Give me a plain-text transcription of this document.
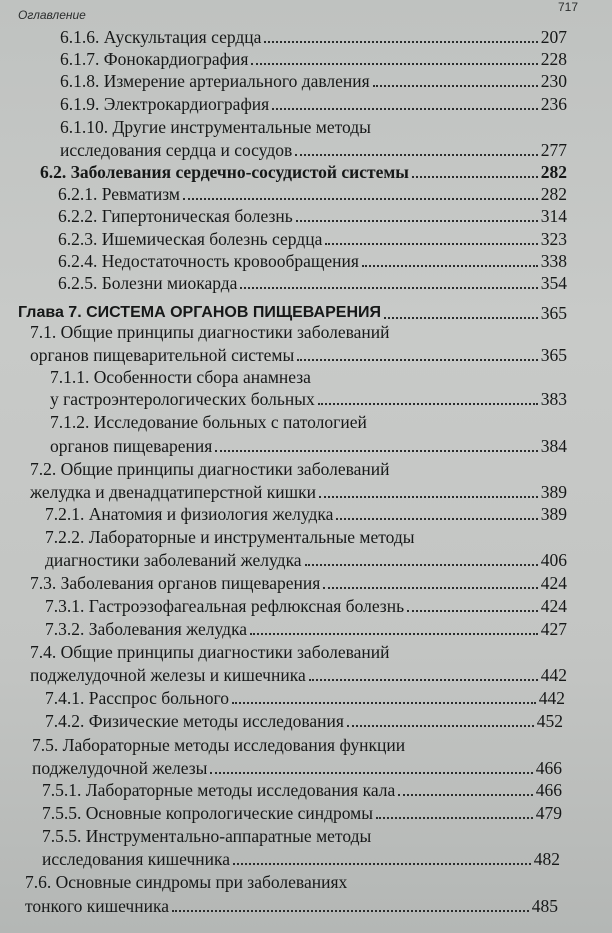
Оглавление
717
6.1.6. Аускультация сердца	207
6.1.7. Фонокардиография	228
6.1.8. Измерение артериального давления	230
6.1.9. Электрокардиография	236
6.1.10. Другие инструментальные методы
исследования сердца и сосудов	277
6.2. Заболевания сердечно-сосудистой системы	282
6.2.1. Ревматизм	282
6.2.2. Гипертоническая болезнь	314
6.2.3. Ишемическая болезнь сердца	323
6.2.4. Недостаточность кровообращения	338
6.2.5. Болезни миокарда	354
Глава 7. СИСТЕМА ОРГАНОВ ПИЩЕВАРЕНИЯ	365
7.1. Общие принципы диагностики заболеваний
органов пищеварительной системы	365
7.1.1. Особенности сбора анамнеза
у гастроэнтерологических больных	383
7.1.2. Исследование больных с патологией
органов пищеварения	384
7.2. Общие принципы диагностики заболеваний
желудка и двенадцатиперстной кишки	389
7.2.1. Анатомия и физиология желудка	389
7.2.2. Лабораторные и инструментальные методы
диагностики заболеваний желудка	406
7.3. Заболевания органов пищеварения	424
7.3.1. Гастроэзофагеальная рефлюксная болезнь	424
7.3.2. Заболевания желудка	427
7.4. Общие принципы диагностики заболеваний
поджелудочной железы и кишечника	442
7.4.1. Расспрос больного	442
7.4.2. Физические методы исследования	452
7.5. Лабораторные методы исследования функции
поджелудочной железы	466
7.5.1. Лабораторные методы исследования кала	466
7.5.5. Основные копрологические синдромы	479
7.5.5. Инструментально-аппаратные методы
исследования кишечника	482
7.6. Основные синдромы при заболеваниях
тонкого кишечника	485
